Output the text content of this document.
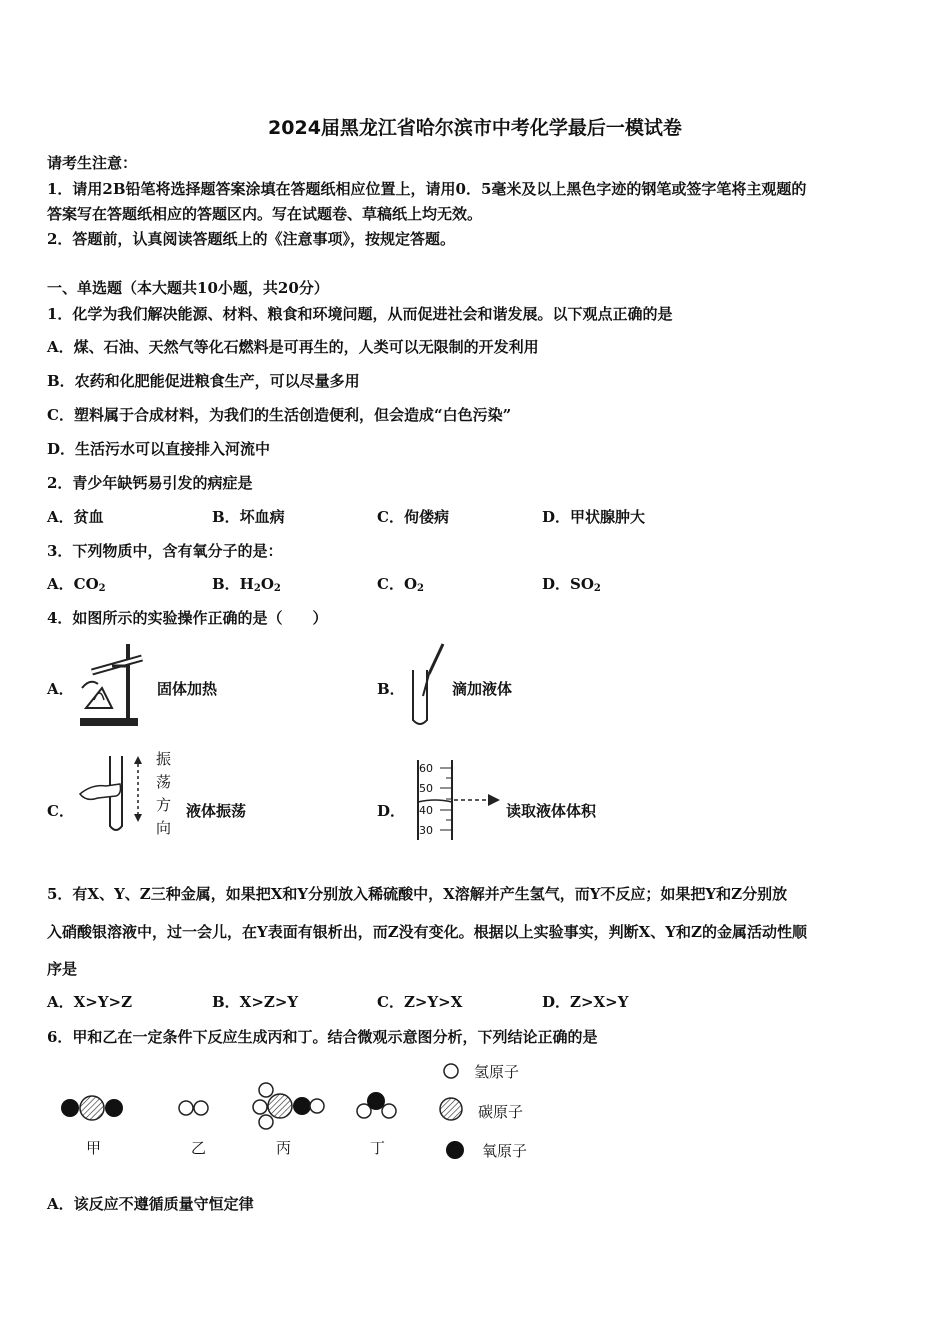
2024届黑龙江省哈尔滨市中考化学最后一模试卷
请考生注意：
1．请用2B铅笔将选择题答案涂填在答题纸相应位置上，请用0．5毫米及以上黑色字迹的钢笔或签字笔将主观题的
答案写在答题纸相应的答题区内。写在试题卷、草稿纸上均无效。
2．答题前，认真阅读答题纸上的《注意事项》，按规定答题。
一、单选题（本大题共10小题，共20分）
1．化学为我们解决能源、材料、粮食和环境问题，从而促进社会和谐发展。以下观点正确的是
A．煤、石油、天然气等化石燃料是可再生的，人类可以无限制的开发利用
B．农药和化肥能促进粮食生产，可以尽量多用
C．塑料属于合成材料，为我们的生活创造便利，但会造成“白色污染”
D．生活污水可以直接排入河流中
2．青少年缺钙易引发的病症是
A．贫血	B．坏血病	C．佝偻病	D．甲状腺肿大
3．下列物质中，含有氧分子的是：
A．$CO_2$	B．$H_2O_2$	C．$O_2$	D．$SO_2$
4．如图所示的实验操作正确的是（　　）
A．	固体加热	B．	滴加液体
C．
振
荡
方
向
液体振荡	D．
60
50
40
30
读取液体体积
5．有X、Y、Z三种金属，如果把X和Y分别放入稀硫酸中，X溶解并产生氢气，而Y不反应；如果把Y和Z分别放
入硝酸银溶液中，过一会儿，在Y表面有银析出，而Z没有变化。根据以上实验事实，判断X、Y和Z的金属活动性顺
序是
A．X>Y>Z	B．X>Z>Y	C．Z>Y>X	D．Z>X>Y
6．甲和乙在一定条件下反应生成丙和丁。结合微观示意图分析，下列结论正确的是
甲	乙	丙	丁
氢原子
碳原子
氧原子
A．该反应不遵循质量守恒定律
